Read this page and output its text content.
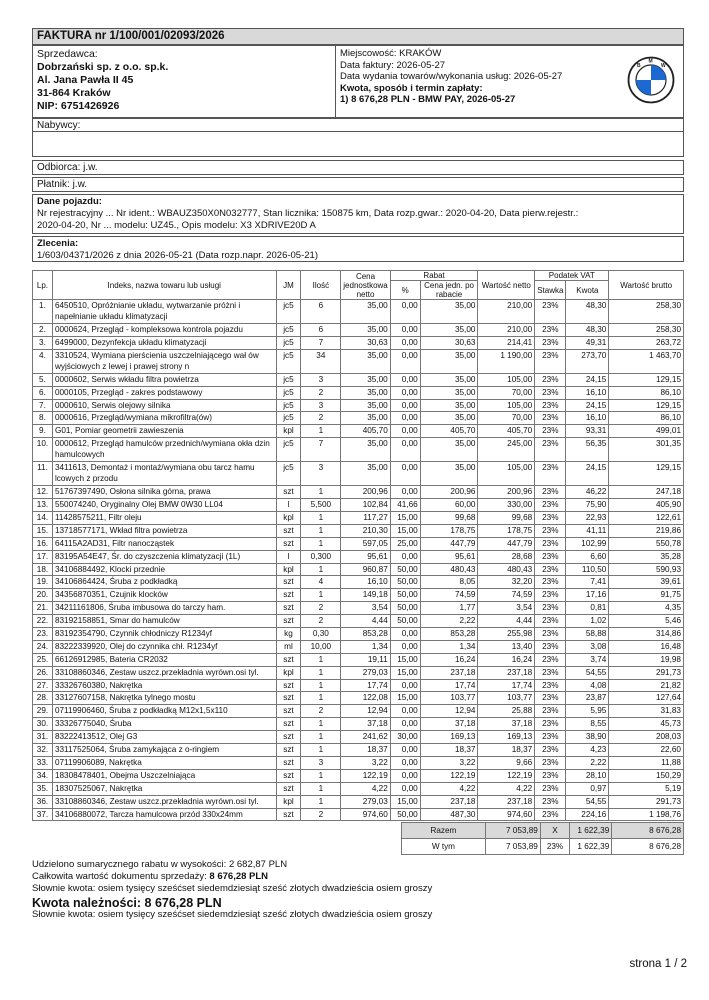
FAKTURA nr 1/100/001/02093/2026
Sprzedawca:
Dobrzański sp. z o.o. sp.k.
Al. Jana Pawła II 45
31-864 Kraków
NIP: 6751426926
Miejscowość: KRAKÓW
Data faktury: 2026-05-27
Data wydania towarów/wykonania usług: 2026-05-27
Kwota, sposób i termin zapłaty:
1) 8 676,28 PLN - BMW PAY, 2026-05-27
B
M
W
Nabywcy:
Odbiorca: j.w.
Płatnik: j.w.
Dane pojazdu:
Nr rejestracyjny ... Nr ident.: WBAUZ350X0N032777, Stan licznika: 150875 km, Data rozp.gwar.: 2020-04-20, Data pierw.rejestr.:
2020-04-20, Nr ... modelu: UZ45., Opis modelu: X3 XDRIVE20D A
Zlecenia:
1/603/04371/2026 z dnia 2026-05-21 (Data rozp.napr. 2026-05-21)
Lp.	Indeks, nazwa towaru lub usługi	JM	Ilość	Cena jednostkowa netto	Rabat		Wartość netto	Podatek VAT		Wartość brutto
					%	Cena jedn. po rabacie		Stawka	Kwota	
1.	6450510, Opróżnianie układu, wytwarzanie próżni i napełnianie układu klimatyzacji	jc5	6	35,00	0,00	35,00	210,00	23%	48,30	258,30
2.	0000624, Przegląd - kompleksowa kontrola pojazdu	jc5	6	35,00	0,00	35,00	210,00	23%	48,30	258,30
3.	6499000, Dezynfekcja układu klimatyzacji	jc5	7	30,63	0,00	30,63	214,41	23%	49,31	263,72
4.	3310524, Wymiana pierścienia uszczelniającego wał ów wyjściowych z lewej i prawej strony n	jc5	34	35,00	0,00	35,00	1 190,00	23%	273,70	1 463,70
5.	0000602, Serwis wkładu filtra powietrza	jc5	3	35,00	0,00	35,00	105,00	23%	24,15	129,15
6.	0000105, Przegląd - zakres podstawowy	jc5	2	35,00	0,00	35,00	70,00	23%	16,10	86,10
7.	0000610, Serwis olejowy silnika	jc5	3	35,00	0,00	35,00	105,00	23%	24,15	129,15
8.	0000616, Przegląd/wymiana mikrofiltra(ów)	jc5	2	35,00	0,00	35,00	70,00	23%	16,10	86,10
9.	G01, Pomiar geometrii zawieszenia	kpl	1	405,70	0,00	405,70	405,70	23%	93,31	499,01
10.	0000612, Przegląd hamulców przednich/wymiana okła dzin hamulcowych	jc5	7	35,00	0,00	35,00	245,00	23%	56,35	301,35
11.	3411613, Demontaż i montaż/wymiana obu tarcz hamu lcowych z przodu	jc5	3	35,00	0,00	35,00	105,00	23%	24,15	129,15
12.	51767397490, Osłona silnika górna, prawa	szt	1	200,96	0,00	200,96	200,96	23%	46,22	247,18
13.	550074240, Oryginalny Olej BMW 0W30 LL04	l	5,500	102,84	41,66	60,00	330,00	23%	75,90	405,90
14.	11428575211, Filtr oleju	kpl	1	117,27	15,00	99,68	99,68	23%	22,93	122,61
15.	13718577171, Wkład filtra powietrza	szt	1	210,30	15,00	178,75	178,75	23%	41,11	219,86
16.	64115A2AD31, Filtr nanocząstek	szt	1	597,05	25,00	447,79	447,79	23%	102,99	550,78
17.	83195A54E47, Śr. do czyszczenia klimatyzacji (1L)	l	0,300	95,61	0,00	95,61	28,68	23%	6,60	35,28
18.	34106884492, Klocki przednie	kpl	1	960,87	50,00	480,43	480,43	23%	110,50	590,93
19.	34106864424, Śruba z podkładką	szt	4	16,10	50,00	8,05	32,20	23%	7,41	39,61
20.	34356870351, Czujnik klocków	szt	1	149,18	50,00	74,59	74,59	23%	17,16	91,75
21.	34211161806, Śruba imbusowa do tarczy ham.	szt	2	3,54	50,00	1,77	3,54	23%	0,81	4,35
22.	83192158851, Smar do hamulców	szt	2	4,44	50,00	2,22	4,44	23%	1,02	5,46
23.	83192354790, Czynnik chłodniczy R1234yf	kg	0,30	853,28	0,00	853,28	255,98	23%	58,88	314,86
24.	83222339920, Olej do czynnika chł. R1234yf	ml	10,00	1,34	0,00	1,34	13,40	23%	3,08	16,48
25.	66126912985, Bateria CR2032	szt	1	19,11	15,00	16,24	16,24	23%	3,74	19,98
26.	33108860346, Zestaw uszcz.przekładnia wyrówn.osi tyl.	kpl	1	279,03	15,00	237,18	237,18	23%	54,55	291,73
27.	33326760380, Nakrętka	szt	1	17,74	0,00	17,74	17,74	23%	4,08	21,82
28.	33127607158, Nakrętka tylnego mostu	szt	1	122,08	15,00	103,77	103,77	23%	23,87	127,64
29.	07119906460, Śruba z podkładką M12x1,5x110	szt	2	12,94	0,00	12,94	25,88	23%	5,95	31,83
30.	33326775040, Śruba	szt	1	37,18	0,00	37,18	37,18	23%	8,55	45,73
31.	83222413512, Olej G3	szt	1	241,62	30,00	169,13	169,13	23%	38,90	208,03
32.	33117525064, Śruba zamykająca z o-ringiem	szt	1	18,37	0,00	18,37	18,37	23%	4,23	22,60
33.	07119906089, Nakrętka	szt	3	3,22	0,00	3,22	9,66	23%	2,22	11,88
34.	18308478401, Obejma Uszczelniająca	szt	1	122,19	0,00	122,19	122,19	23%	28,10	150,29
35.	18307525067, Nakrętka	szt	1	4,22	0,00	4,22	4,22	23%	0,97	5,19
36.	33108860346, Zestaw uszcz.przekładnia wyrówn.osi tyl.	kpl	1	279,03	15,00	237,18	237,18	23%	54,55	291,73
37.	34106880072, Tarcza hamulcowa przód 330x24mm	szt	2	974,60	50,00	487,30	974,60	23%	224,16	1 198,76
Razem	7 053,89	X	1 622,39	8 676,28
W tym	7 053,89	23%	1 622,39	8 676,28
Udzielono sumarycznego rabatu w wysokości: 2 682,87 PLN
Całkowita wartość dokumentu sprzedaży: 8 676,28 PLN
Słownie kwota: osiem tysięcy sześćset siedemdziesiąt sześć złotych dwadzieścia osiem groszy
Kwota należności: 8 676,28 PLN
Słownie kwota: osiem tysięcy sześćset siedemdziesiąt sześć złotych dwadzieścia osiem groszy
strona 1 / 2
